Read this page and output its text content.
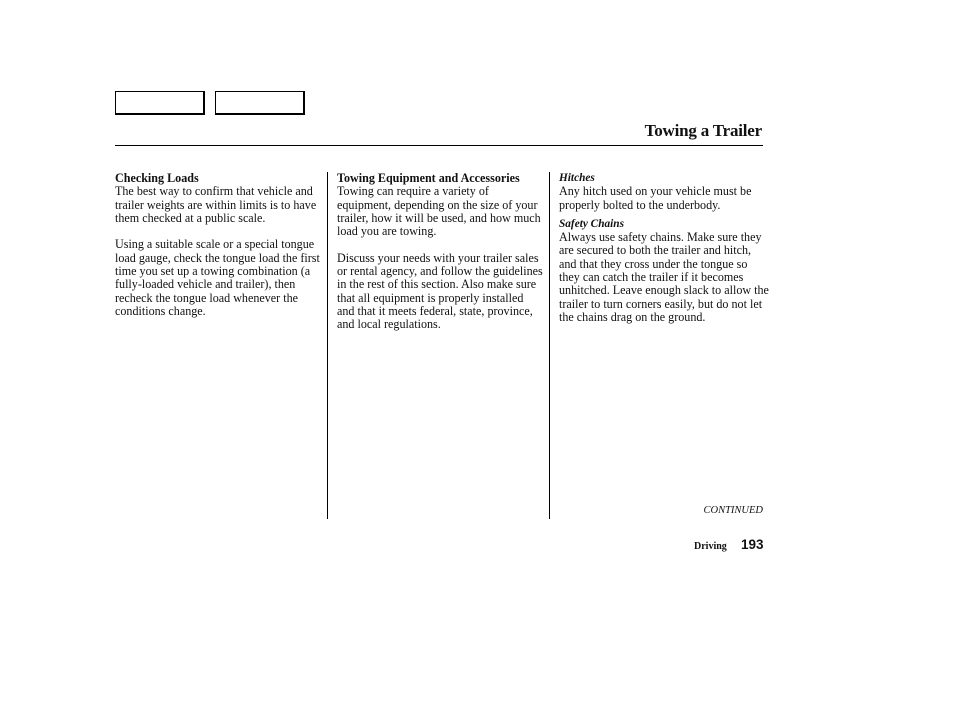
Towing a Trailer
Checking Loads

The best way to confirm that vehicle and trailer weights are within limits is to have them checked at a public scale.

Using a suitable scale or a special tongue load gauge, check the tongue load the first time you set up a towing combination (a fully-loaded vehicle and trailer), then recheck the tongue load whenever the conditions change.

Towing Equipment and Accessories

Towing can require a variety of equipment, depending on the size of your trailer, how it will be used, and how much load you are towing.

Discuss your needs with your trailer sales or rental agency, and follow the guidelines in the rest of this section. Also make sure that all equipment is properly installed and that it meets federal, state, province, and local regulations.

Hitches

Any hitch used on your vehicle must be properly bolted to the underbody.

Safety Chains

Always use safety chains. Make sure they are secured to both the trailer and hitch, and that they cross under the tongue so they can catch the trailer if it becomes unhitched. Leave enough slack to allow the trailer to turn corners easily, but do not let the chains drag on the ground.

CONTINUED
Driving 193
